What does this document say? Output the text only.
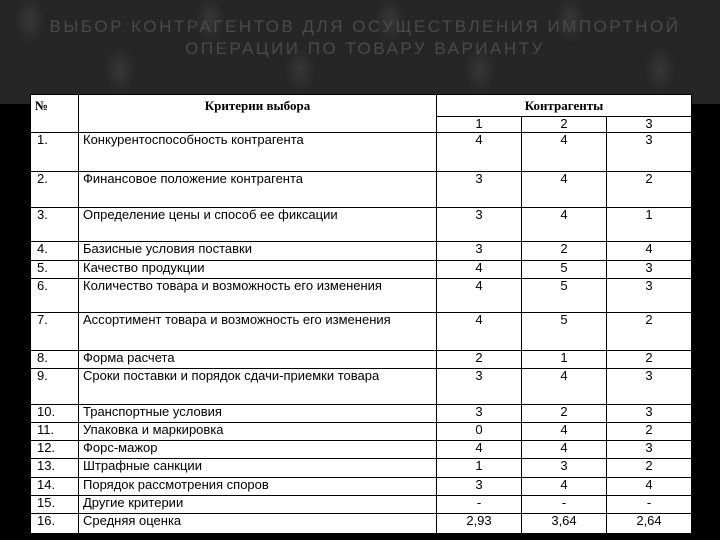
ВЫБОР КОНТРАГЕНТОВ ДЛЯ ОСУЩЕСТВЛЕНИЯ ИМПОРТНОЙ ОПЕРАЦИИ ПО ТОВАРУ ВАРИАНТУ
№	Критерии выбора	Контрагенты		
		1	2	3
1.	Конкурентоспособность контрагента	4	4	3
2.	Финансовое положение контрагента	3	4	2
3.	Определение цены и способ ее фиксации	3	4	1
4.	Базисные условия поставки	3	2	4
5.	Качество продукции	4	5	3
6.	Количество товара и возможность его изменения	4	5	3
7.	Ассортимент товара и возможность его изменения	4	5	2
8.	Форма расчета	2	1	2
9.	Сроки поставки и порядок сдачи-приемки товара	3	4	3
10.	Транспортные условия	3	2	3
11.	Упаковка и маркировка	0	4	2
12.	Форс-мажор	4	4	3
13.	Штрафные санкции	1	3	2
14.	Порядок рассмотрения споров	3	4	4
15.	Другие критерии	-	-	-
16.	Средняя оценка	2,93	3,64	2,64
